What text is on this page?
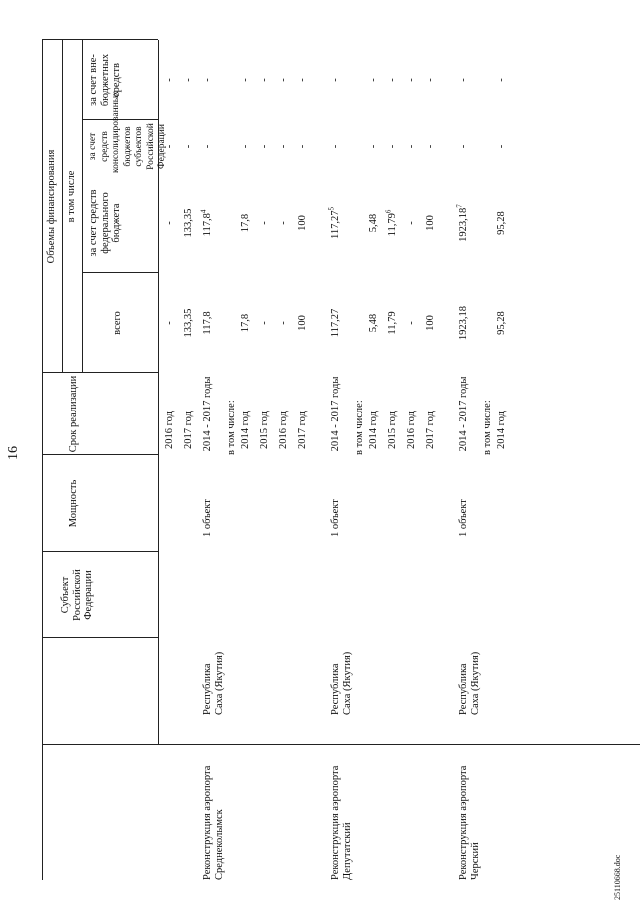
16
Субъект Российской Федерации
Мощность
Срок реализации
Объемы финансирования в том числе
всего
за счет средств федерального бюджета
за счет средств консолидированных бюджетов субъектов Российской Федерации
за счет вне-бюджетных средств
2016 год
-
-
-
-
2017 год
133,35
133,35
-
-
Реконструкция аэропорта Среднеколымск
Республика Саха (Якутия)
1 объект
2014 - 2017 годы
117,8
117,8$^4$
-
-
в том числе: 2014 год
17,8
17,8
-
-
2015 год
-
-
-
-
2016 год
-
-
-
-
2017 год
100
100
-
-
Реконструкция аэропорта Депутатский
Республика Саха (Якутия)
1 объект
2014 - 2017 годы
117,27
117,27$^5$
-
-
в том числе: 2014 год
5,48
5,48
-
-
2015 год
11,79
11,79$^6$
-
-
2016 год
-
-
-
-
2017 год
100
100
-
-
Реконструкция аэропорта Черский
Республика Саха (Якутия)
1 объект
2014 - 2017 годы
1923,18
1923,18$^7$
-
-
в том числе: 2014 год
95,28
95,28
-
-
25110668.doc
